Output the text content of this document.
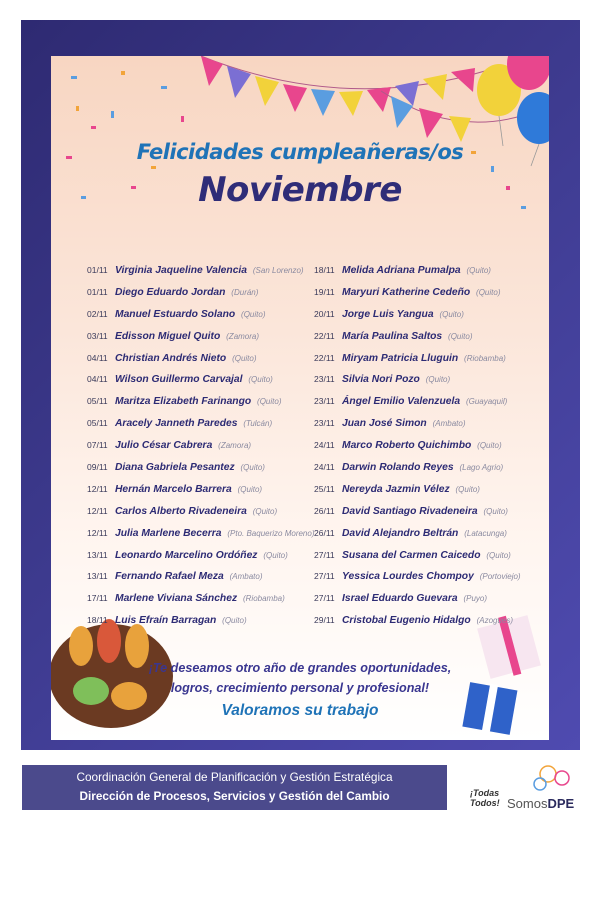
Felicidades cumpleañeras/os
Noviembre
01/11 Virginia Jaqueline Valencia (San Lorenzo)
01/11 Diego Eduardo Jordan (Durán)
02/11 Manuel Estuardo Solano (Quito)
03/11 Edisson Miguel Quito (Zamora)
04/11 Christian Andrés Nieto (Quito)
04/11 Wilson Guillermo Carvajal (Quito)
05/11 Maritza Elizabeth Farinango (Quito)
05/11 Aracely Janneth Paredes (Tulcán)
07/11 Julio César Cabrera (Zamora)
09/11 Diana Gabriela Pesantez (Quito)
12/11 Hernán Marcelo Barrera (Quito)
12/11 Carlos Alberto Rivadeneira (Quito)
12/11 Julia Marlene Becerra (Pto. Baquerizo Moreno)
13/11 Leonardo Marcelino Ordóñez (Quito)
13/11 Fernando Rafael Meza (Ambato)
17/11 Marlene Viviana Sánchez (Riobamba)
18/11 Luis Efraín Barragan (Quito)
18/11 Melida Adriana Pumalpa (Quito)
19/11 Maryuri Katherine Cedeño (Quito)
20/11 Jorge Luis Yangua (Quito)
22/11 María Paulina Saltos (Quito)
22/11 Miryam Patricia Lluguin (Riobamba)
23/11 Silvia Nori Pozo (Quito)
23/11 Ángel Emilio Valenzuela (Guayaquil)
23/11 Juan José Simon (Ambato)
24/11 Marco Roberto Quichimbo (Quito)
24/11 Darwin Rolando Reyes (Lago Agrio)
25/11 Nereyda Jazmin Vélez (Quito)
26/11 David Santiago Rivadeneira (Quito)
26/11 David Alejandro Beltrán (Latacunga)
27/11 Susana del Carmen Caicedo (Quito)
27/11 Yessica Lourdes Chompoy (Portoviejo)
27/11 Israel Eduardo Guevara (Puyo)
29/11 Cristobal Eugenio Hidalgo (Azogues)
¡Te deseamos otro año de grandes oportunidades,
logros, crecimiento personal y profesional!
Valoramos su trabajo
Coordinación General de Planificación y Gestión Estratégica
Dirección de Procesos, Servicios y Gestión del Cambio	¡Todas
Todos! SomosDPE
